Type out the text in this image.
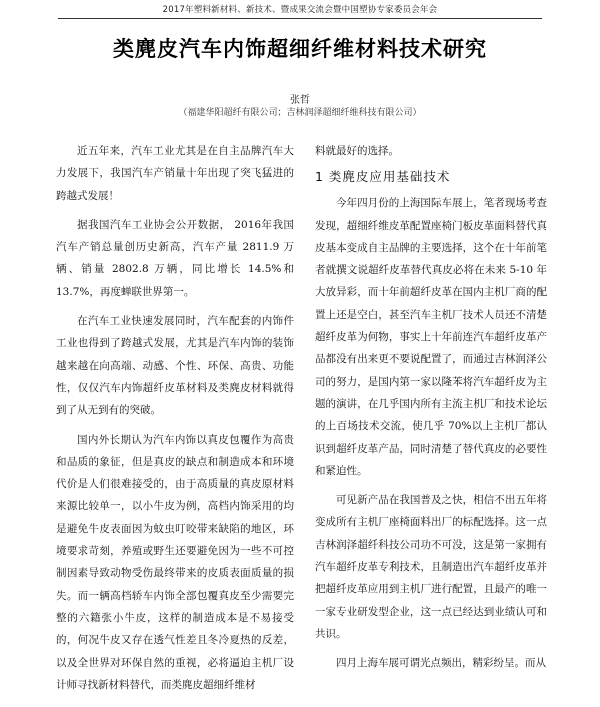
2017年塑料新材料、新技术、暨成果交流会暨中国塑协专家委员会年会
类麂皮汽车内饰超细纤维材料技术研究
张哲
（福建华阳超纤有限公司；吉林润泽超细纤维科技有限公司）

近五年来，汽车工业尤其是在自主品牌汽车大力发展下，我国汽车产销量十年出现了突飞猛进的跨越式发展！

据我国汽车工业协会公开数据， 2016年我国汽车产销总量创历史新高，汽车产量 2811.9 万辆、销量 2802.8 万辆，同比增长 14.5%和 13.7%，再度蝉联世界第一。

在汽车工业快速发展同时，汽车配套的内饰件工业也得到了跨越式发展，尤其是汽车内饰的装饰越来越在向高端、动感、个性、环保、高贵、功能性，仅仅汽车内饰超纤皮革材料及类麂皮材料就得到了从无到有的突破。

国内外长期认为汽车内饰以真皮包覆作为高贵和品质的象征，但是真皮的缺点和制造成本和环境代价是人们很难接受的，由于高质量的真皮原材料来源比较单一，以小牛皮为例，高档内饰采用的均是避免牛皮表面因为蚊虫叮咬带来缺陷的地区，环境要求苛刻，养殖或野生还要避免因为一些不可控制因素导致动物受伤最终带来的皮质表面质量的损失。而一辆高档轿车内饰全部包覆真皮至少需要完整的六籍张小牛皮，这样的制造成本是不易接受的，何况牛皮又存在透气性差且冬冷夏热的反差，以及全世界对环保自然的重视，必将逼迫主机厂设计师寻找新材料替代，而类麂皮超细纤维材

料就最好的选择。

1 类麂皮应用基础技术

今年四月份的上海国际车展上，笔者现场考查发现，超细纤维皮革配置座椅门板皮革面料替代真皮基本变成自主品牌的主要选择，这个在十年前笔者就撰文说超纤皮革替代真皮必将在未来 5-10 年大放异彩，而十年前超纤皮革在国内主机厂商的配置上还是空白，甚至汽车主机厂技术人员还不清楚超纤皮革为何物，事实上十年前连汽车超纤皮革产品都没有出来更不要说配置了，而通过吉林润泽公司的努力，是国内第一家以隆苯将汽车超纤皮为主题的演讲，在几乎国内所有主流主机厂和技术论坛的上百场技术交流，使几乎 70%以上主机厂都认识到超纤皮革产品，同时清楚了替代真皮的必要性和紧迫性。

可见新产品在我国普及之快，相信不出五年将变成所有主机厂座椅面料出厂的标配选择。这一点吉林润泽超纤科技公司功不可没，这是第一家拥有汽车超纤皮革专利技术，且制造出汽车超纤皮革并把超纤皮革应用到主机厂进行配置，且最产的唯一一家专业研发型企业，这一点已经达到业绩认可和共识。

四月上海车展可谓光点频出，精彩纷呈。而从
